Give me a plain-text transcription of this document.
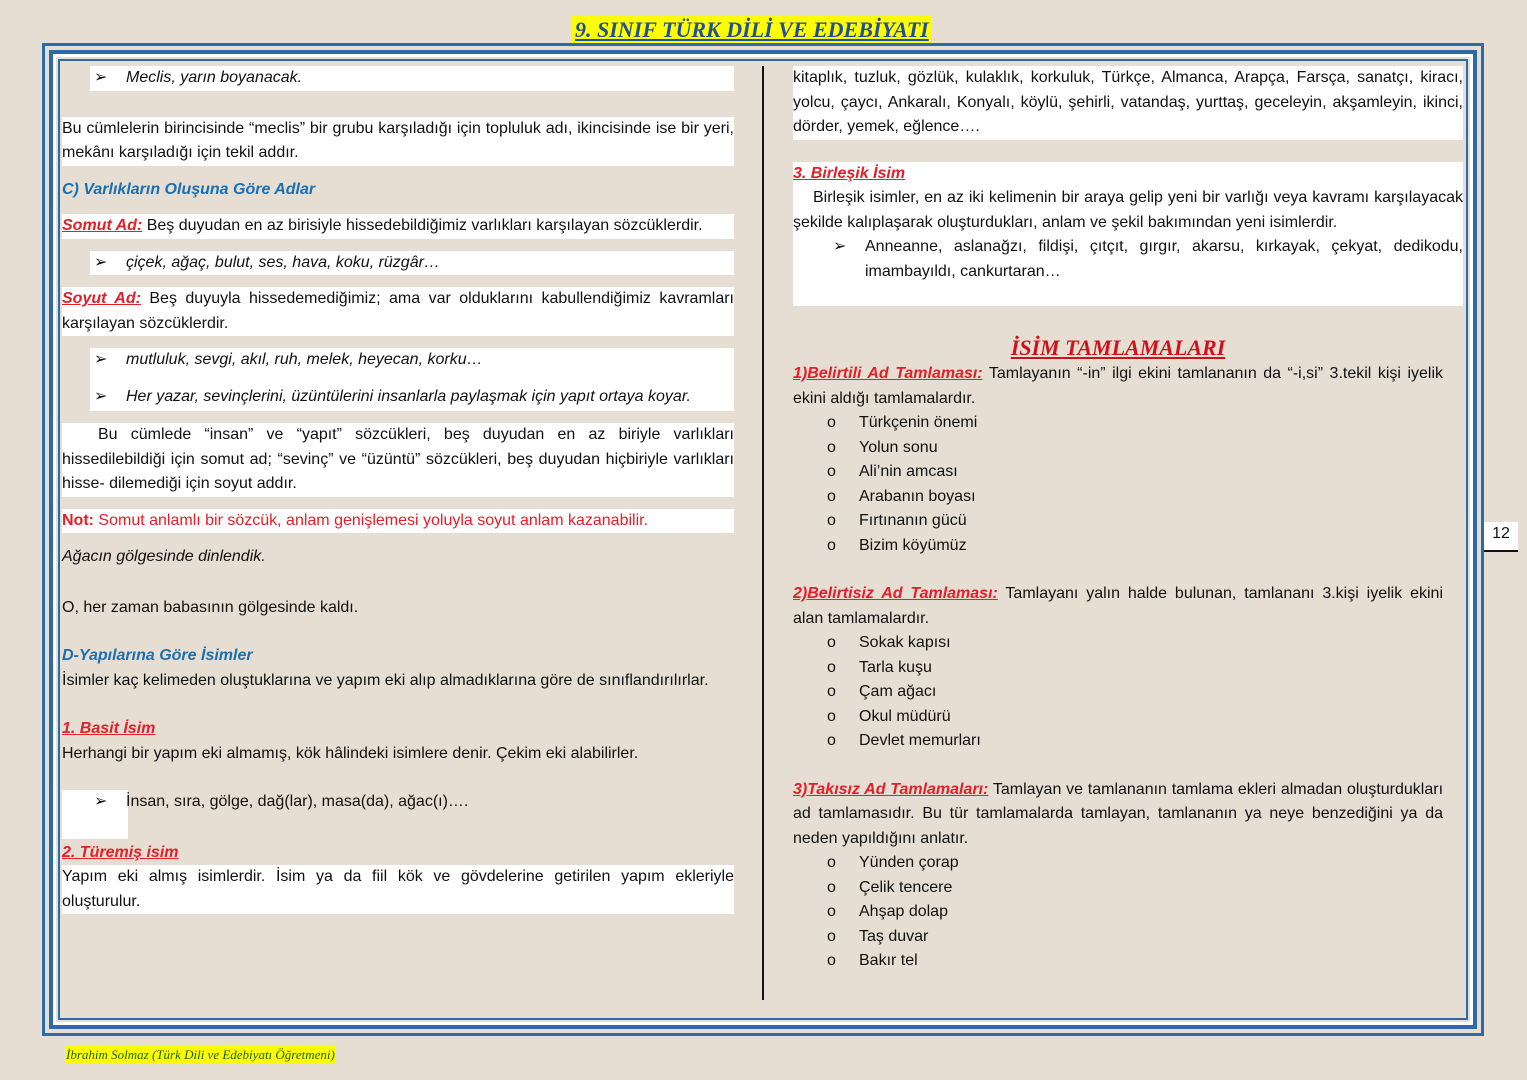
9. SINIF TÜRK DİLİ VE EDEBİYATI
➢ Meclis, yarın boyanacak.
Bu cümlelerin birincisinde “meclis” bir grubu karşıladığı için topluluk adı, ikincisinde ise bir yeri, mekânı karşıladığı için tekil addır.
C) Varlıkların Oluşuna Göre Adlar
Somut Ad: Beş duyudan en az birisiyle hissedebildiğimiz varlıkları karşılayan sözcüklerdir.
➢ çiçek, ağaç, bulut, ses, hava, koku, rüzgâr…
Soyut Ad: Beş duyuyla hissedemediğimiz; ama var olduklarını kabullendiğimiz kavramları karşılayan sözcüklerdir.
➢ mutluluk, sevgi, akıl, ruh, melek, heyecan, korku…
➢ Her yazar, sevinçlerini, üzüntülerini insanlarla paylaşmak için yapıt ortaya koyar.
Bu cümlede “insan” ve “yapıt” sözcükleri, beş duyudan en az biriyle varlıkları hissedilebildiği için somut ad; “sevinç” ve “üzüntü” sözcükleri, beş duyudan hiçbiriyle varlıkları hisse- dilemediği için soyut addır.
Not: Somut anlamlı bir sözcük, anlam genişlemesi yoluyla soyut anlam kazanabilir.
Ağacın gölgesinde dinlendik.
O, her zaman babasının gölgesinde kaldı.
D-Yapılarına Göre İsimler
İsimler kaç kelimeden oluştuklarına ve yapım eki alıp almadıklarına göre de sınıflandırılırlar.
1. Basit İsim
Herhangi bir yapım eki almamış, kök hâlindeki isimlere denir. Çekim eki alabilirler.
➢ İnsan, sıra, gölge, dağ(lar), masa(da), ağac(ı)….
2. Türemiş isim
Yapım eki almış isimlerdir. İsim ya da fiil kök ve gövdelerine getirilen yapım ekleriyle oluşturulur.
kitaplık, tuzluk, gözlük, kulaklık, korkuluk, Türkçe, Almanca, Arapça, Farsça, sanatçı, kiracı, yolcu, çaycı, Ankaralı, Konyalı, köylü, şehirli, vatandaş, yurttaş, geceleyin, akşamleyin, ikinci, dörder, yemek, eğlence….
3. Birleşik İsim
Birleşik isimler, en az iki kelimenin bir araya gelip yeni bir varlığı veya kavramı karşılayacak şekilde kalıplaşarak oluşturdukları, anlam ve şekil bakımından yeni isimlerdir.
➢ Anneanne, aslanağzı, fildişi, çıtçıt, gırgır, akarsu, kırkayak, çekyat, dedikodu, imambayıldı, cankurtaran…
İSİM TAMLAMALARI
1)Belirtili Ad Tamlaması: Tamlayanın “-in” ilgi ekini tamlananın da “-i,si” 3.tekil kişi iyelik ekini aldığı tamlamalardır.
o Türkçenin önemi
o Yolun sonu
o Ali’nin amcası
o Arabanın boyası
o Fırtınanın gücü
o Bizim köyümüz
2)Belirtisiz Ad Tamlaması: Tamlayanı yalın halde bulunan, tamlananı 3.kişi iyelik ekini alan tamlamalardır.
o Sokak kapısı
o Tarla kuşu
o Çam ağacı
o Okul müdürü
o Devlet memurları
3)Takısız Ad Tamlamaları: Tamlayan ve tamlananın tamlama ekleri almadan oluşturdukları ad tamlamasıdır. Bu tür tamlamalarda tamlayan, tamlananın ya neye benzediğini ya da neden yapıldığını anlatır.
o Yünden çorap
o Çelik tencere
o Ahşap dolap
o Taş duvar
o Bakır tel
12
İbrahim Solmaz (Türk Dili ve Edebiyatı Öğretmeni)
